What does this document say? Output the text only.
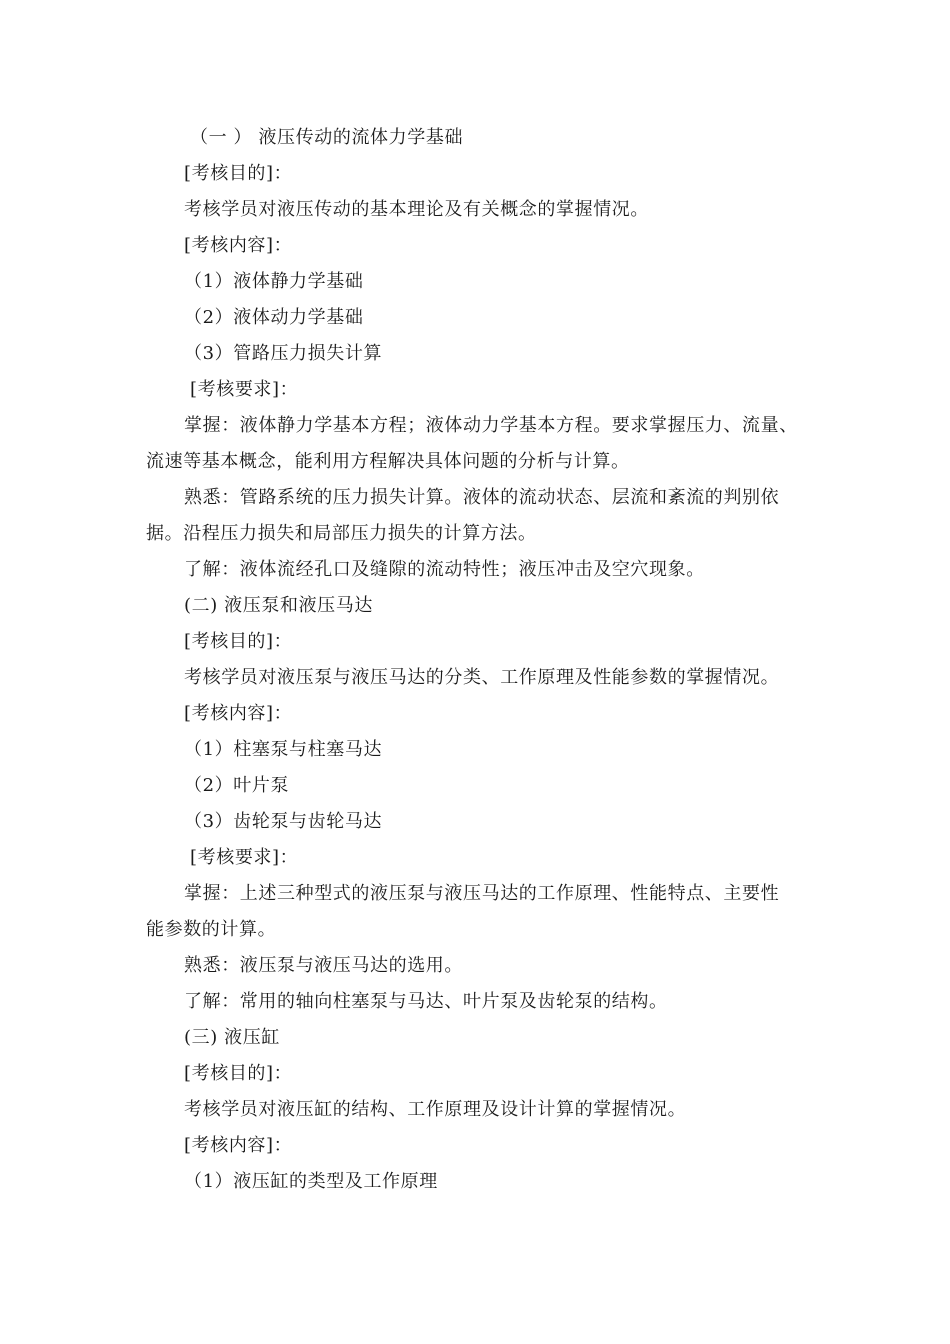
（一 ） 液压传动的流体力学基础
[考核目的]：
考核学员对液压传动的基本理论及有关概念的掌握情况。
[考核内容]：
（1）液体静力学基础
（2）液体动力学基础
（3）管路压力损失计算
[考核要求]：
掌握：液体静力学基本方程；液体动力学基本方程。要求掌握压力、流量、
流速等基本概念，能利用方程解决具体问题的分析与计算。
熟悉：管路系统的压力损失计算。液体的流动状态、层流和紊流的判别依
据。沿程压力损失和局部压力损失的计算方法。
了解：液体流经孔口及缝隙的流动特性；液压冲击及空穴现象。
(二) 液压泵和液压马达
[考核目的]：
考核学员对液压泵与液压马达的分类、工作原理及性能参数的掌握情况。
[考核内容]：
（1）柱塞泵与柱塞马达
（2）叶片泵
（3）齿轮泵与齿轮马达
[考核要求]：
掌握：上述三种型式的液压泵与液压马达的工作原理、性能特点、主要性
能参数的计算。
熟悉：液压泵与液压马达的选用。
了解：常用的轴向柱塞泵与马达、叶片泵及齿轮泵的结构。
(三) 液压缸
[考核目的]：
考核学员对液压缸的结构、工作原理及设计计算的掌握情况。
[考核内容]：
（1）液压缸的类型及工作原理
